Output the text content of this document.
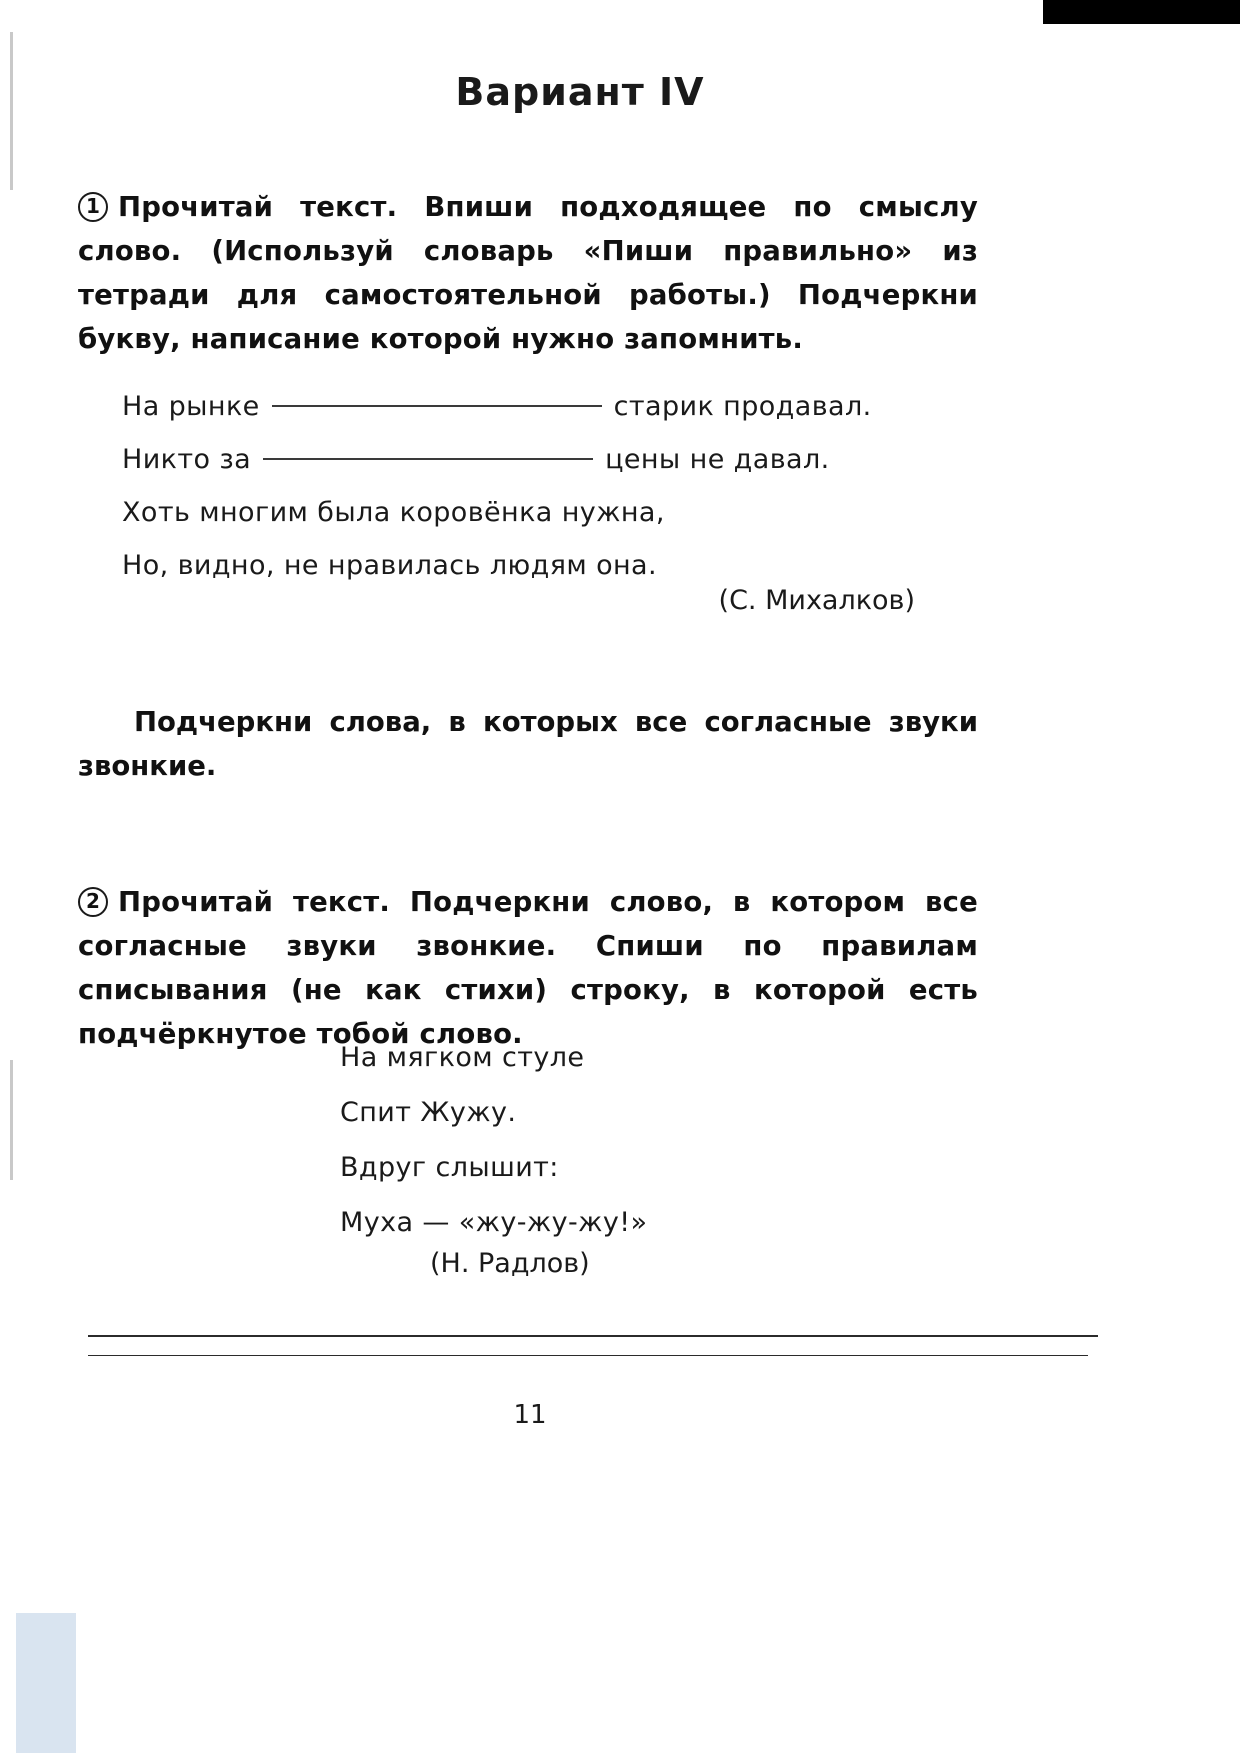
Вариант IV
1 Прочитай текст. Впиши подходящее по смыслу слово. (Используй словарь «Пиши правильно» из тетради для самостоятельной работы.) Подчеркни букву, написание которой нужно запомнить.
На рынке	старик продавал.
Никто за	цены не давал.
Хоть многим была коровёнка нужна,
Но, видно, не нравилась людям она.
(С. Михалков)
Подчеркни слова, в которых все согласные звуки звонкие.
2 Прочитай текст. Подчеркни слово, в котором все согласные звуки звонкие. Спиши по правилам списывания (не как стихи) строку, в которой есть подчёркнутое тобой слово.
На мягком стуле
Спит Жужу.
Вдруг слышит:
Муха — «жу-жу-жу!»
(Н. Радлов)
11
